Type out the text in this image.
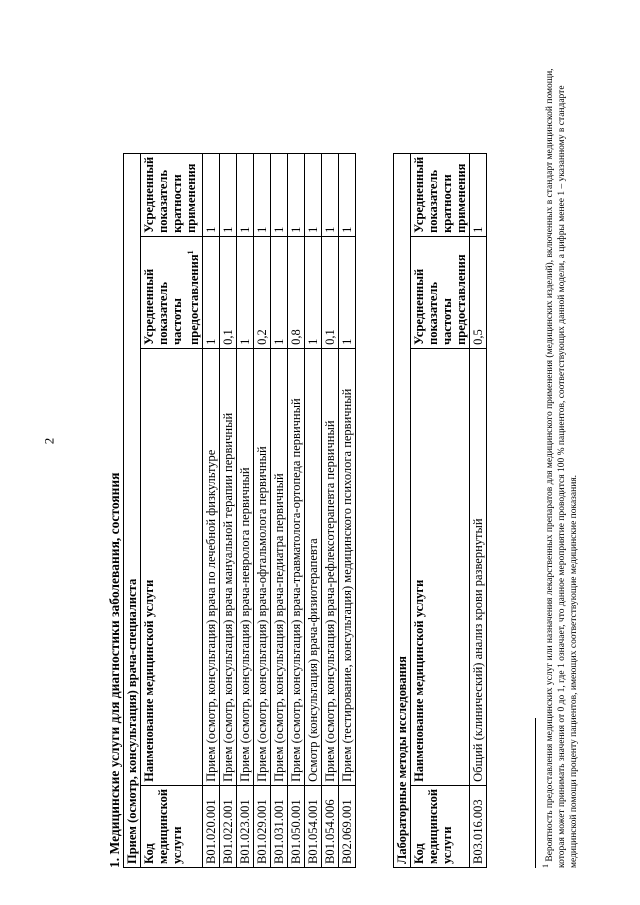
2
1. Медицинские услуги для диагностики заболевания, состояния Прием (осмотр, консультация) врача-специалиста			
Код медицинской услуги	Наименование медицинской услуги	Усредненный показатель частоты предоставления$^1$	Усредненный показатель кратности применения
B01.020.001	Прием (осмотр, консультация) врача по лечебной физкультуре	1	1
B01.022.001	Прием (осмотр, консультация) врача мануальной терапии первичный	0,1	1
B01.023.001	Прием (осмотр, консультация) врача-невролога первичный	1	1
B01.029.001	Прием (осмотр, консультация) врача-офтальмолога первичный	0,2	1
B01.031.001	Прием (осмотр, консультация) врача-педиатра первичный	1	1
B01.050.001	Прием (осмотр, консультация) врача-травматолога-ортопеда первичный	0,8	1
B01.054.001	Осмотр (консультация) врача-физиотерапевта	1	1
B01.054.006	Прием (осмотр, консультация) врача-рефлексотерапевта первичный	0,1	1
B02.069.001	Прием (тестирование, консультация) медицинского психолога первичный	1	1
Лабораторные методы исследования			
Код медицинской услуги	Наименование медицинской услуги	Усредненный показатель частоты предоставления	Усредненный показатель кратности применения
B03.016.003	Общий (клинический) анализ крови развернутый	0,5	1
$^1$ Вероятность предоставления медицинских услуг или назначения лекарственных препаратов для медицинского применения (медицинских изделий), включенных в стандарт медицинской помощи, которая может принимать значения от 0 до 1, где 1 означает, что данное мероприятие проводится 100 % пациентов, соответствующих данной модели, а цифры менее 1 – указанному в стандарте медицинской помощи проценту пациентов, имеющих соответствующие медицинские показания.
